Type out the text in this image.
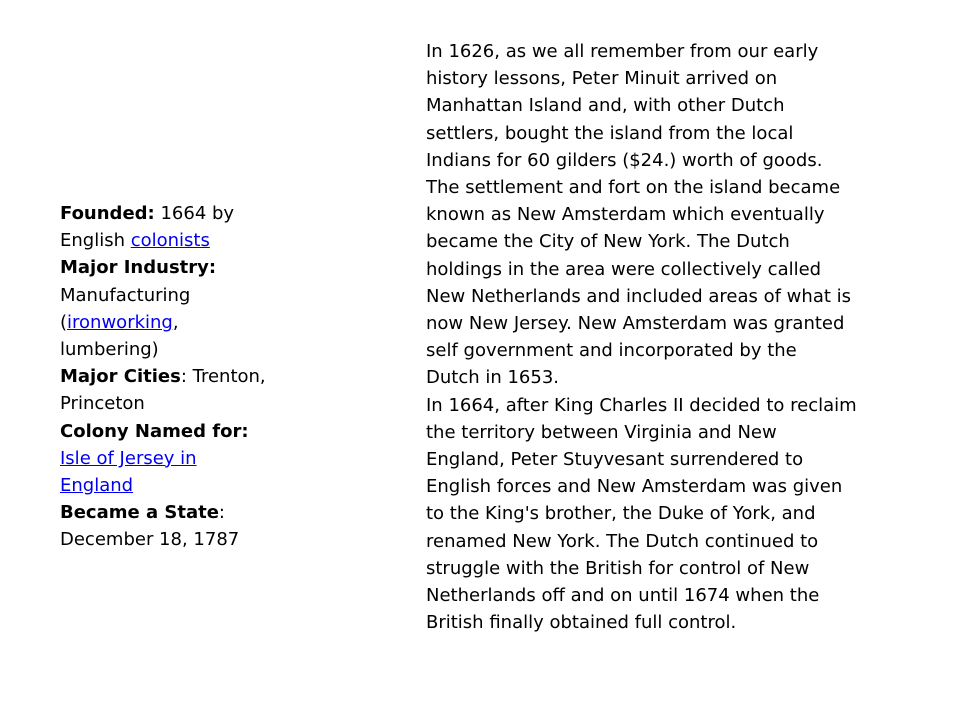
Founded: 1664 by
English colonists
Major Industry:
Manufacturing
(ironworking,
lumbering)
Major Cities: Trenton,
Princeton
Colony Named for:
Isle of Jersey in
England
Became a State:
December 18, 1787
In 1626, as we all remember from our early
history lessons, Peter Minuit arrived on
Manhattan Island and, with other Dutch
settlers, bought the island from the local
Indians for 60 gilders ($24.) worth of goods.
The settlement and fort on the island became
known as New Amsterdam which eventually
became the City of New York. The Dutch
holdings in the area were collectively called
New Netherlands and included areas of what is
now New Jersey. New Amsterdam was granted
self government and incorporated by the
Dutch in 1653.
In 1664, after King Charles II decided to reclaim
the territory between Virginia and New
England, Peter Stuyvesant surrendered to
English forces and New Amsterdam was given
to the King's brother, the Duke of York, and
renamed New York. The Dutch continued to
struggle with the British for control of New
Netherlands off and on until 1674 when the
British finally obtained full control.
